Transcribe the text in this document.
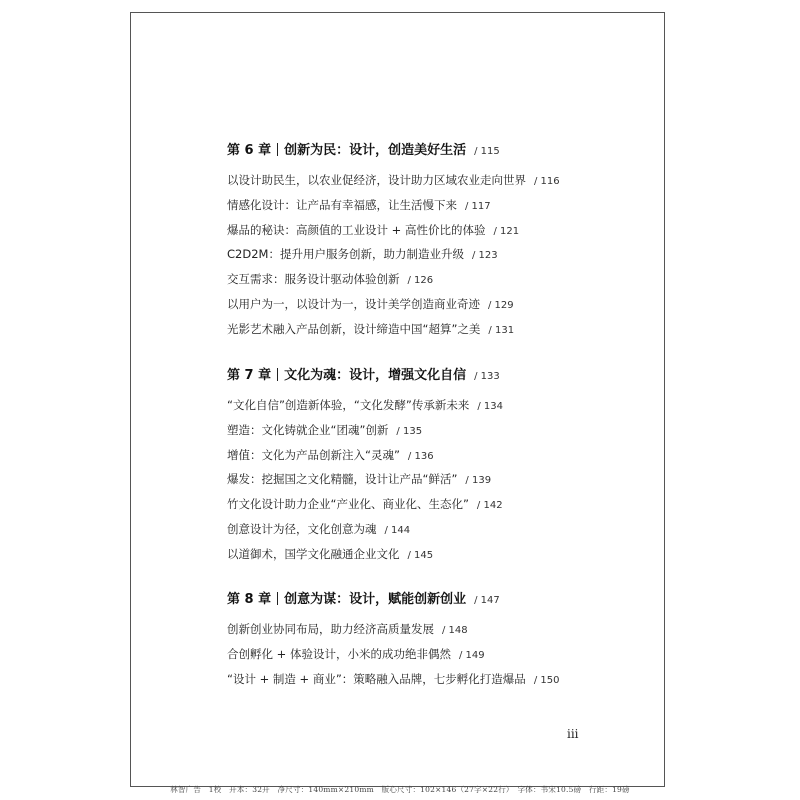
第 6 章 创新为民：设计，创造美好生活 / 115
以设计助民生，以农业促经济，设计助力区域农业走向世界 / 116
情感化设计：让产品有幸福感，让生活慢下来 / 117
爆品的秘诀：高颜值的工业设计 + 高性价比的体验 / 121
C2D2M：提升用户服务创新，助力制造业升级 / 123
交互需求：服务设计驱动体验创新 / 126
以用户为一，以设计为一，设计美学创造商业奇迹 / 129
光影艺术融入产品创新，设计缔造中国“超算”之美 / 131
第 7 章 文化为魂：设计，增强文化自信 / 133
“文化自信”创造新体验，“文化发酵”传承新未来 / 134
塑造：文化铸就企业“团魂”创新 / 135
增值：文化为产品创新注入“灵魂” / 136
爆发：挖掘国之文化精髓，设计让产品“鲜活” / 139
竹文化设计助力企业“产业化、商业化、生态化” / 142
创意设计为径，文化创意为魂 / 144
以道御术，国学文化融通企业文化 / 145
第 8 章 创意为谋：设计，赋能创新创业 / 147
创新创业协同布局，助力经济高质量发展 / 148
合创孵化 + 体验设计，小米的成功绝非偶然 / 149
“设计 + 制造 + 商业”：策略融入品牌，七步孵化打造爆品 / 150
iii
林智广告　1校　开本：32开　净尺寸：140mm×210mm　版心尺寸：102×146（27字×22行）　字体：书宋10.5磅　行距：19磅
